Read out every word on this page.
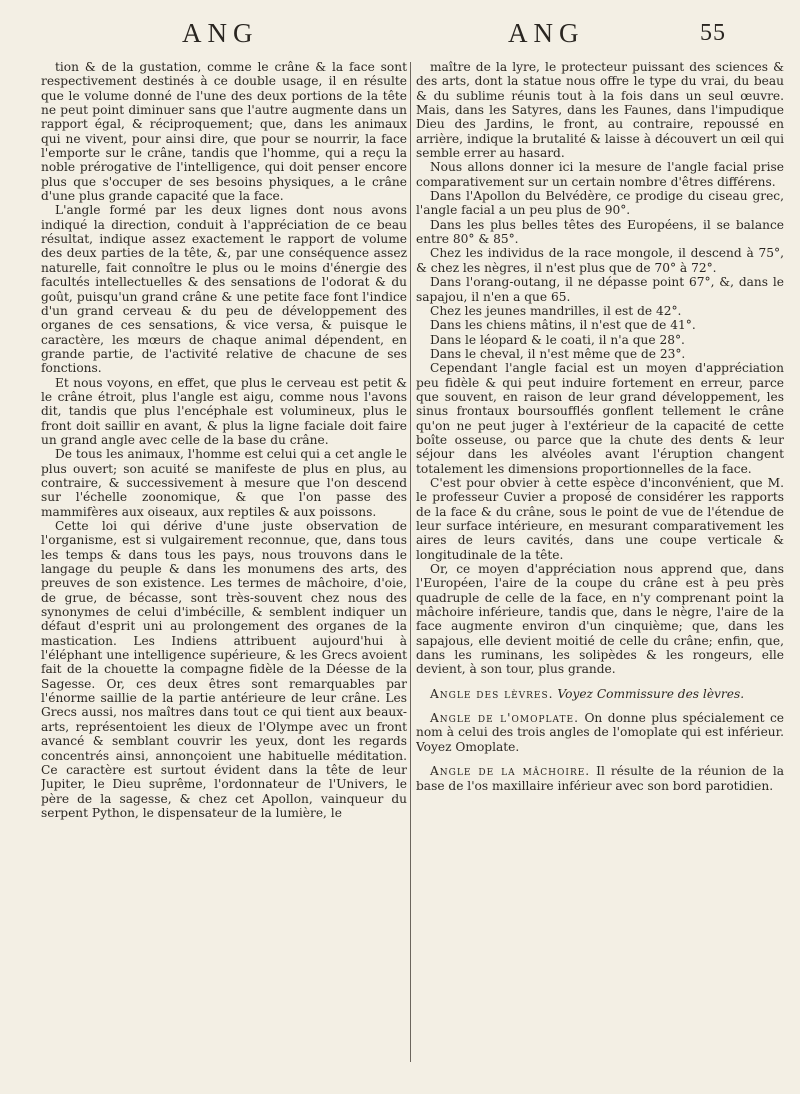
ANG	ANG	55

tion & de la gustation, comme le crâne & la face sont respectivement destinés à ce double usage, il en résulte que le volume donné de l'une des deux portions de la tête ne peut point diminuer sans que l'autre augmente dans un rapport égal, & réciproquement; que, dans les animaux qui ne vivent, pour ainsi dire, que pour se nourrir, la face l'emporte sur le crâne, tandis que l'homme, qui a reçu la noble prérogative de l'intelligence, qui doit penser encore plus que s'occuper de ses besoins physiques, a le crâne d'une plus grande capacité que la face.

L'angle formé par les deux lignes dont nous avons indiqué la direction, conduit à l'appréciation de ce beau résultat, indique assez exactement le rapport de volume des deux parties de la tête, &, par une conséquence assez naturelle, fait connoître le plus ou le moins d'énergie des facultés intellectuelles & des sensations de l'odorat & du goût, puisqu'un grand crâne & une petite face font l'indice d'un grand cerveau & du peu de développement des organes de ces sensations, & vice versa, & puisque le caractère, les mœurs de chaque animal dépendent, en grande partie, de l'activité relative de chacune de ses fonctions.

Et nous voyons, en effet, que plus le cerveau est petit & le crâne étroit, plus l'angle est aigu, comme nous l'avons dit, tandis que plus l'encéphale est volumineux, plus le front doit saillir en avant, & plus la ligne faciale doit faire un grand angle avec celle de la base du crâne.

De tous les animaux, l'homme est celui qui a cet angle le plus ouvert; son acuité se manifeste de plus en plus, au contraire, & successivement à mesure que l'on descend sur l'échelle zoonomique, & que l'on passe des mammifères aux oiseaux, aux reptiles & aux poissons.

Cette loi qui dérive d'une juste observation de l'organisme, est si vulgairement reconnue, que, dans tous les temps & dans tous les pays, nous trouvons dans le langage du peuple & dans les monumens des arts, des preuves de son existence. Les termes de mâchoire, d'oie, de grue, de bécasse, sont très-souvent chez nous des synonymes de celui d'imbécille, & semblent indiquer un défaut d'esprit uni au prolongement des organes de la mastication. Les Indiens attribuent aujourd'hui à l'éléphant une intelligence supérieure, & les Grecs avoient fait de la chouette la compagne fidèle de la Déesse de la Sagesse. Or, ces deux êtres sont remarquables par l'énorme saillie de la partie antérieure de leur crâne. Les Grecs aussi, nos maîtres dans tout ce qui tient aux beaux-arts, représentoient les dieux de l'Olympe avec un front avancé & semblant couvrir les yeux, dont les regards concentrés ainsi, annonçoient une habituelle méditation. Ce caractère est surtout évident dans la tête de leur Jupiter, le Dieu suprême, l'ordonnateur de l'Univers, le père de la sagesse, & chez cet Apollon, vainqueur du serpent Python, le dispensateur de la lumière, le

maître de la lyre, le protecteur puissant des sciences & des arts, dont la statue nous offre le type du vrai, du beau & du sublime réunis tout à la fois dans un seul œuvre. Mais, dans les Satyres, dans les Faunes, dans l'impudique Dieu des Jardins, le front, au contraire, repoussé en arrière, indique la brutalité & laisse à découvert un œil qui semble errer au hasard.

Nous allons donner ici la mesure de l'angle facial prise comparativement sur un certain nombre d'êtres différens.

Dans l'Apollon du Belvédère, ce prodige du ciseau grec, l'angle facial a un peu plus de 90°.

Dans les plus belles têtes des Européens, il se balance entre 80° & 85°.

Chez les individus de la race mongole, il descend à 75°, & chez les nègres, il n'est plus que de 70° à 72°.

Dans l'orang-outang, il ne dépasse point 67°, &, dans le sapajou, il n'en a que 65.

Chez les jeunes mandrilles, il est de 42°.

Dans les chiens mâtins, il n'est que de 41°.

Dans le léopard & le coati, il n'a que 28°.

Dans le cheval, il n'est même que de 23°.

Cependant l'angle facial est un moyen d'appréciation peu fidèle & qui peut induire fortement en erreur, parce que souvent, en raison de leur grand développement, les sinus frontaux boursoufflés gonflent tellement le crâne qu'on ne peut juger à l'extérieur de la capacité de cette boîte osseuse, ou parce que la chute des dents & leur séjour dans les alvéoles avant l'éruption changent totalement les dimensions proportionnelles de la face.

C'est pour obvier à cette espèce d'inconvénient, que M. le professeur Cuvier a proposé de considérer les rapports de la face & du crâne, sous le point de vue de l'étendue de leur surface intérieure, en mesurant comparativement les aires de leurs cavités, dans une coupe verticale & longitudinale de la tête.

Or, ce moyen d'appréciation nous apprend que, dans l'Européen, l'aire de la coupe du crâne est à peu près quadruple de celle de la face, en n'y comprenant point la mâchoire inférieure, tandis que, dans le nègre, l'aire de la face augmente environ d'un cinquième; que, dans les sapajous, elle devient moitié de celle du crâne; enfin, que, dans les ruminans, les solipèdes & les rongeurs, elle devient, à son tour, plus grande.

Angle des lèvres. Voyez Commissure des lèvres.

Angle de l'omoplate. On donne plus spécialement ce nom à celui des trois angles de l'omoplate qui est inférieur. Voyez Omoplate.

Angle de la mâchoire. Il résulte de la réunion de la base de l'os maxillaire inférieur avec son bord parotidien.
